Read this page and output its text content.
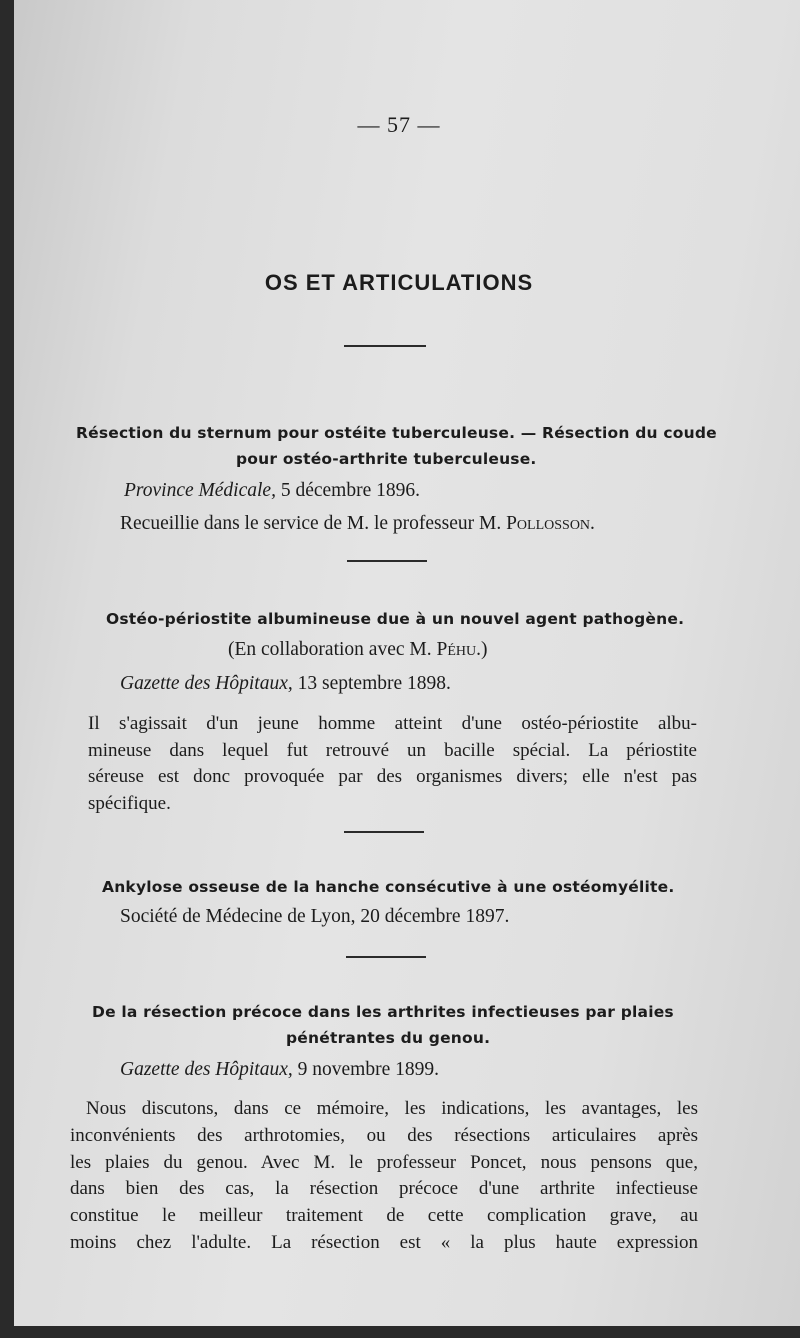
— 57 —
OS ET ARTICULATIONS
Résection du sternum pour ostéite tuberculeuse. — Résection du coude
pour ostéo-arthrite tuberculeuse.
Province Médicale, 5 décembre 1896.
Recueillie dans le service de M. le professeur M. Pollosson.
Ostéo-périostite albumineuse due à un nouvel agent pathogène.
(En collaboration avec M. Péhu.)
Gazette des Hôpitaux, 13 septembre 1898.
Il s'agissait d'un jeune homme atteint d'une ostéo-périostite albu-
mineuse dans lequel fut retrouvé un bacille spécial. La périostite
séreuse est donc provoquée par des organismes divers; elle n'est pas
spécifique.
Ankylose osseuse de la hanche consécutive à une ostéomyélite.
Société de Médecine de Lyon, 20 décembre 1897.
De la résection précoce dans les arthrites infectieuses par plaies
pénétrantes du genou.
Gazette des Hôpitaux, 9 novembre 1899.
Nous discutons, dans ce mémoire, les indications, les avantages, les
inconvénients des arthrotomies, ou des résections articulaires après
les plaies du genou. Avec M. le professeur Poncet, nous pensons que,
dans bien des cas, la résection précoce d'une arthrite infectieuse
constitue le meilleur traitement de cette complication grave, au
moins chez l'adulte. La résection est « la plus haute expression
